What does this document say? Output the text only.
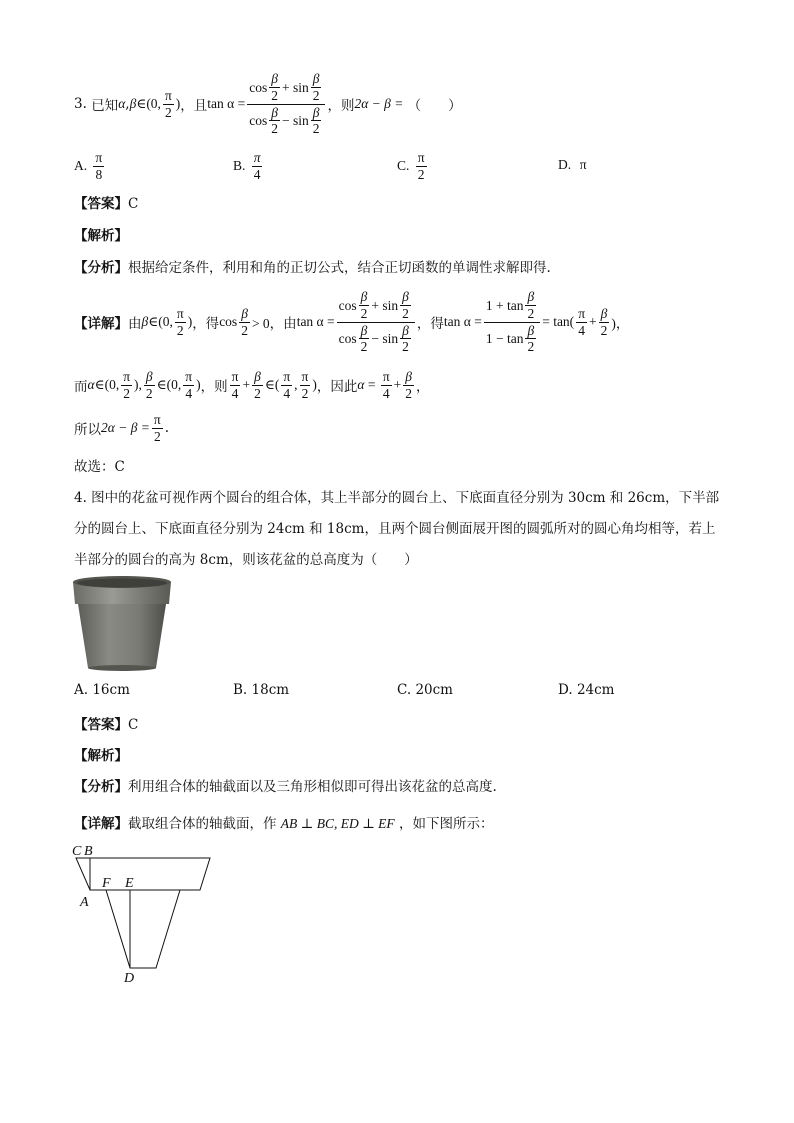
3.
已知 α , β ∈ (0, $\frac{\pi}{2}$ ) ，且 $\tan \alpha = \cos \frac{\beta}{2}$ +
$\sin \frac{\beta}{2}$
$\cos \frac{\beta}{2}$ −
$\sin \frac{\beta}{2}$ ，则 2α − β =
（　　）
A.
$\frac{\pi}{8}$	B.
$\frac{\pi}{4}$	C.
$\frac{\pi}{2}$	D. π
【答案】C
【解析】
【分析】根据给定条件，利用和角的正切公式，结合正切函数的单调性求解即得.
【详解】 由 β ∈ (0, $\frac{\pi}{2}$ ) ，得 $\cos \frac{\beta}{2} > 0$，由 $\tan \alpha = \cos \frac{\beta}{2}$ +
$\sin \frac{\beta}{2}$
$\cos \frac{\beta}{2}$ −
$\sin \frac{\beta}{2}$ ，得 tan α = 1
+
$\tan \frac{\beta}{2}$
1
−
$\tan \frac{\beta}{2} = \tan( \frac{\pi}{4} + \frac{\beta}{2}$ )，
而 α ∈ (0, $\frac{\pi}{2}$ ), $\frac{\beta}{2}$ ∈ (0, $\frac{\pi}{4}$ ) ，则 $\frac{\pi}{4} + \frac{\beta}{2}$ ∈ ( $\frac{\pi}{4}$ , $\frac{\pi}{2}$ ) ，因此 $\alpha = \frac{\pi}{4} + \frac{\beta}{2}$ ，
所以 $2\alpha - \beta = \frac{\pi}{2}$ .
故选：C
4. 图中的花盆可视作两个圆台的组合体，其上半部分的圆台上、下底面直径分别为 30cm 和 26cm，下半部
分的圆台上、下底面直径分别为 24cm 和 18cm，且两个圆台侧面展开图的圆弧所对的圆心角均相等，若上
半部分的圆台的高为 8cm，则该花盆的总高度为（　　）
A. 16cm	B. 18cm	C. 20cm	D. 24cm
【答案】C
【解析】
【分析】利用组合体的轴截面以及三角形相似即可得出该花盆的总高度.
【详解】截取组合体的轴截面，作 AB ⊥ BC, ED ⊥ EF ，如下图所示：
C B
A
F E
D
